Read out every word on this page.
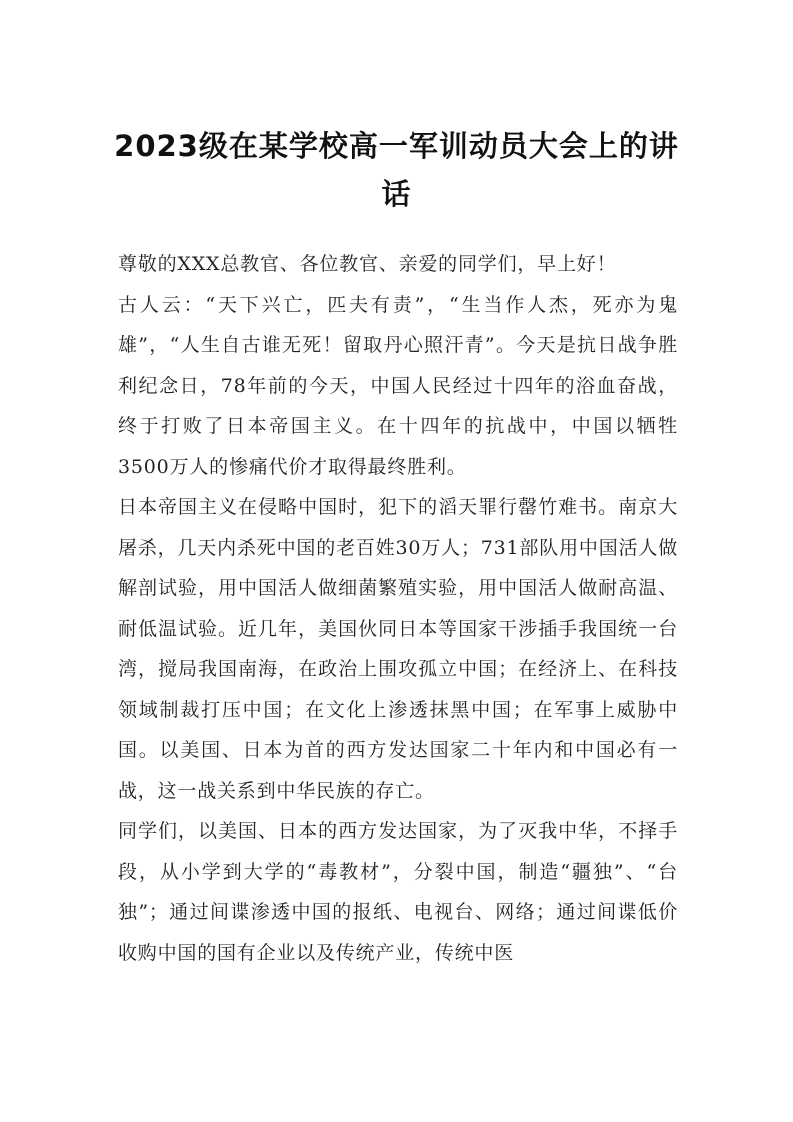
2023级在某学校高一军训动员大会上的讲话

尊敬的XXX总教官、各位教官、亲爱的同学们，早上好！

古人云：“天下兴亡，匹夫有责”，“生当作人杰，死亦为鬼雄”，“人生自古谁无死！留取丹心照汗青”。今天是抗日战争胜利纪念日，78年前的今天，中国人民经过十四年的浴血奋战，终于打败了日本帝国主义。在十四年的抗战中，中国以牺牲3500万人的惨痛代价才取得最终胜利。

日本帝国主义在侵略中国时，犯下的滔天罪行罄竹难书。南京大屠杀，几天内杀死中国的老百姓30万人；731部队用中国活人做解剖试验，用中国活人做细菌繁殖实验，用中国活人做耐高温、耐低温试验。近几年，美国伙同日本等国家干涉插手我国统一台湾，搅局我国南海，在政治上围攻孤立中国；在经济上、在科技领域制裁打压中国；在文化上渗透抹黑中国；在军事上威胁中国。以美国、日本为首的西方发达国家二十年内和中国必有一战，这一战关系到中华民族的存亡。

同学们，以美国、日本的西方发达国家，为了灭我中华，不择手段，从小学到大学的“毒教材”，分裂中国，制造“疆独”、“台独”；通过间谍渗透中国的报纸、电视台、网络；通过间谍低价收购中国的国有企业以及传统产业，传统中医
